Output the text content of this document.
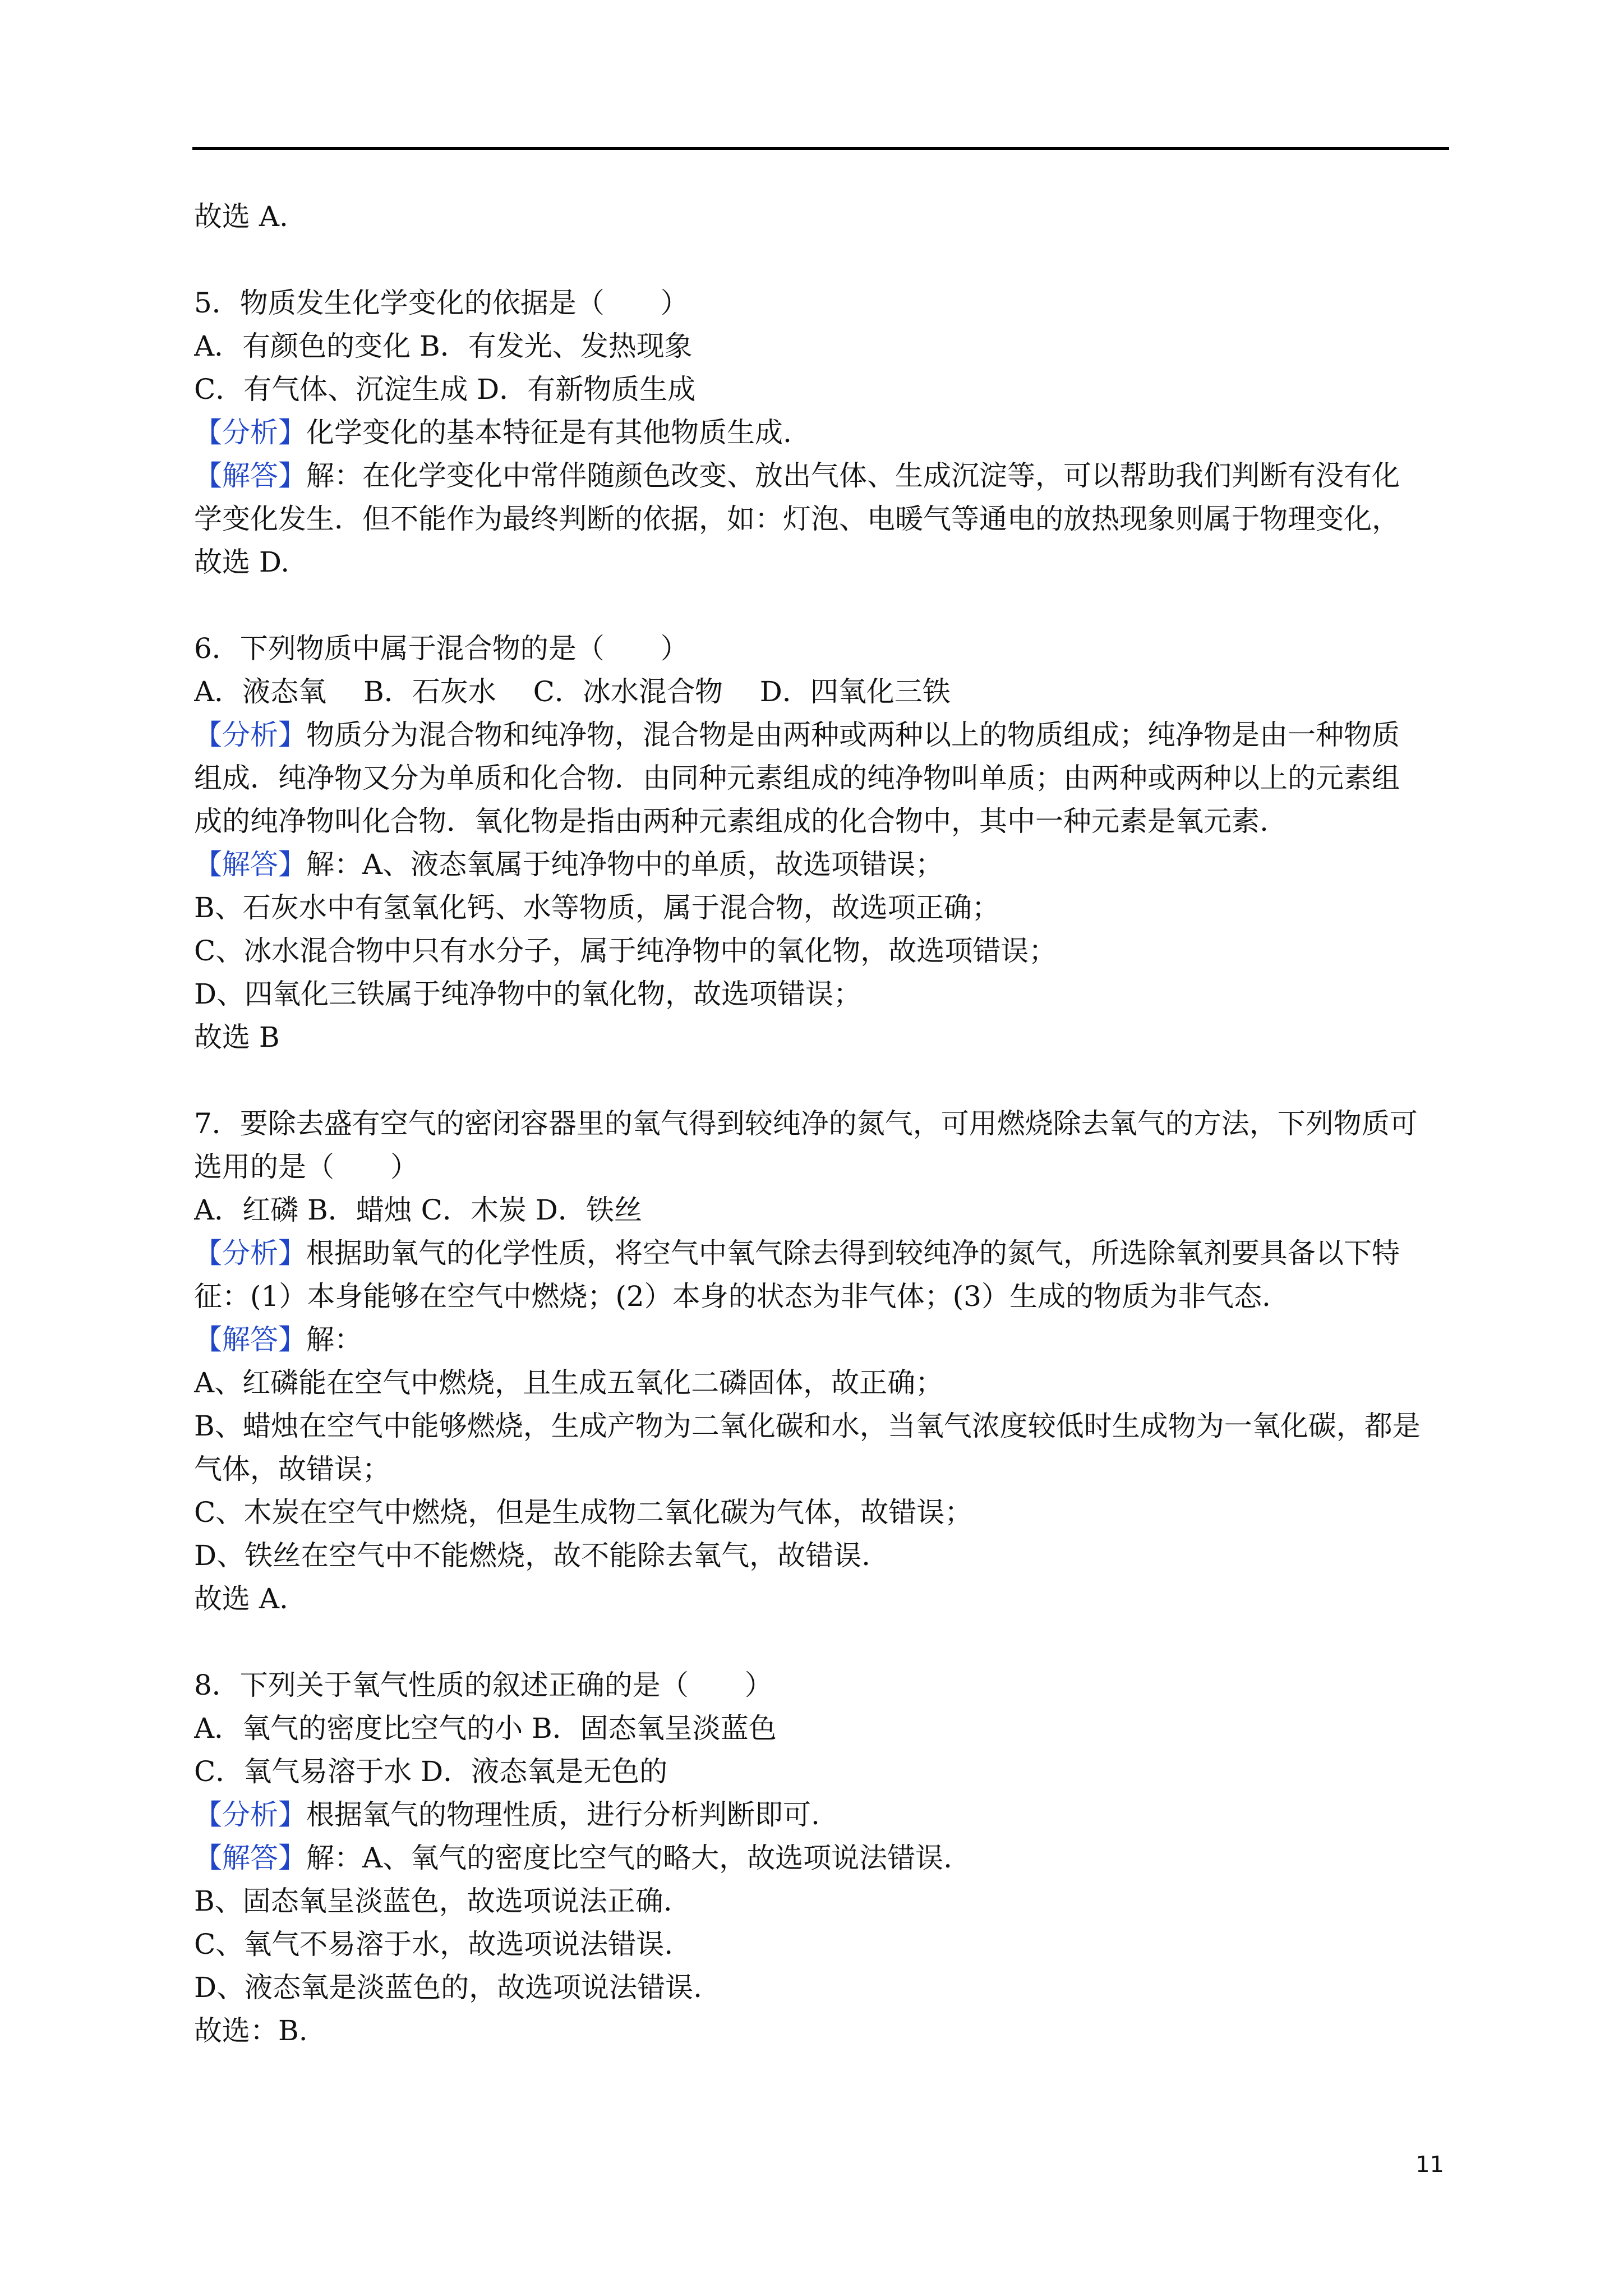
故选 A.
5．物质发生化学变化的依据是（　　）
A．有颜色的变化 B．有发光、发热现象
C．有气体、沉淀生成 D．有新物质生成
【分析】化学变化的基本特征是有其他物质生成.
【解答】解：在化学变化中常伴随颜色改变、放出气体、生成沉淀等，可以帮助我们判断有没有化
学变化发生．但不能作为最终判断的依据，如：灯泡、电暖气等通电的放热现象则属于物理变化，
故选 D.
6．下列物质中属于混合物的是（　　）
A．液态氧　 B．石灰水　 C．冰水混合物　 D．四氧化三铁
【分析】物质分为混合物和纯净物，混合物是由两种或两种以上的物质组成；纯净物是由一种物质
组成．纯净物又分为单质和化合物．由同种元素组成的纯净物叫单质；由两种或两种以上的元素组
成的纯净物叫化合物．氧化物是指由两种元素组成的化合物中，其中一种元素是氧元素.
【解答】解：A、液态氧属于纯净物中的单质，故选项错误；
B、石灰水中有氢氧化钙、水等物质，属于混合物，故选项正确；
C、冰水混合物中只有水分子，属于纯净物中的氧化物，故选项错误；
D、四氧化三铁属于纯净物中的氧化物，故选项错误；
故选 B
7．要除去盛有空气的密闭容器里的氧气得到较纯净的氮气，可用燃烧除去氧气的方法，下列物质可
选用的是（　　）
A．红磷 B．蜡烛 C．木炭 D．铁丝
【分析】根据助氧气的化学性质，将空气中氧气除去得到较纯净的氮气，所选除氧剂要具备以下特
征：(1）本身能够在空气中燃烧；(2）本身的状态为非气体；(3）生成的物质为非气态.
【解答】解：
A、红磷能在空气中燃烧，且生成五氧化二磷固体，故正确；
B、蜡烛在空气中能够燃烧，生成产物为二氧化碳和水，当氧气浓度较低时生成物为一氧化碳，都是
气体，故错误；
C、木炭在空气中燃烧，但是生成物二氧化碳为气体，故错误；
D、铁丝在空气中不能燃烧，故不能除去氧气，故错误.
故选 A.
8．下列关于氧气性质的叙述正确的是（　　）
A．氧气的密度比空气的小 B．固态氧呈淡蓝色
C．氧气易溶于水 D．液态氧是无色的
【分析】根据氧气的物理性质，进行分析判断即可.
【解答】解：A、氧气的密度比空气的略大，故选项说法错误.
B、固态氧呈淡蓝色，故选项说法正确.
C、氧气不易溶于水，故选项说法错误.
D、液态氧是淡蓝色的，故选项说法错误.
故选：B.
11
